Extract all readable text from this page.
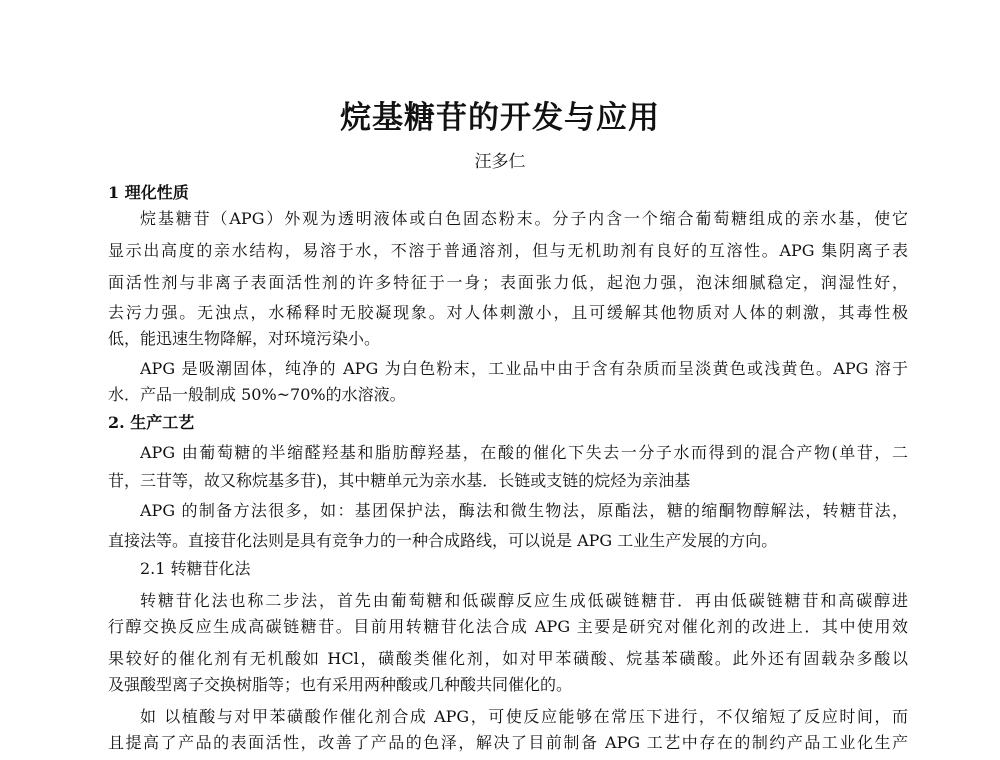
烷基糖苷的开发与应用
汪多仁
1 理化性质
烷基糖苷（APG）外观为透明液体或白色固态粉末。分子内含一个缩合葡萄糖组成的亲水基，使它
显示出高度的亲水结构，易溶于水，不溶于普通溶剂，但与无机助剂有良好的互溶性。APG 集阴离子表
面活性剂与非离子表面活性剂的许多特征于一身；表面张力低，起泡力强，泡沫细腻稳定，润湿性好，
去污力强。无浊点，水稀释时无胶凝现象。对人体刺激小，且可缓解其他物质对人体的刺激，其毒性极
低，能迅速生物降解，对环境污染小。
APG 是吸潮固体，纯净的 APG 为白色粉末，工业品中由于含有杂质而呈淡黄色或浅黄色。APG 溶于
水．产品一般制成 50%~70%的水溶液。
2. 生产工艺
APG 由葡萄糖的半缩醛羟基和脂肪醇羟基，在酸的催化下失去一分子水而得到的混合产物(单苷，二
苷，三苷等，故又称烷基多苷)，其中糖单元为亲水基．长链或支链的烷烃为亲油基
APG 的制备方法很多，如：基团保护法，酶法和微生物法，原酯法，糖的缩酮物醇解法，转糖苷法，
直接法等。直接苷化法则是具有竞争力的一种合成路线，可以说是 APG 工业生产发展的方向。
2.1 转糖苷化法
转糖苷化法也称二步法，首先由葡萄糖和低碳醇反应生成低碳链糖苷．再由低碳链糖苷和高碳醇进
行醇交换反应生成高碳链糖苷。目前用转糖苷化法合成 APG 主要是研究对催化剂的改进上．其中使用效
果较好的催化剂有无机酸如 HCl，磺酸类催化剂，如对甲苯磺酸、烷基苯磺酸。此外还有固载杂多酸以
及强酸型离子交换树脂等；也有采用两种酸或几种酸共同催化的。
如 以植酸与对甲苯磺酸作催化剂合成 APG，可使反应能够在常压下进行，不仅缩短了反应时间，而
且提高了产品的表面活性，改善了产品的色泽，解决了目前制备 APG 工艺中存在的制约产品工业化生产
